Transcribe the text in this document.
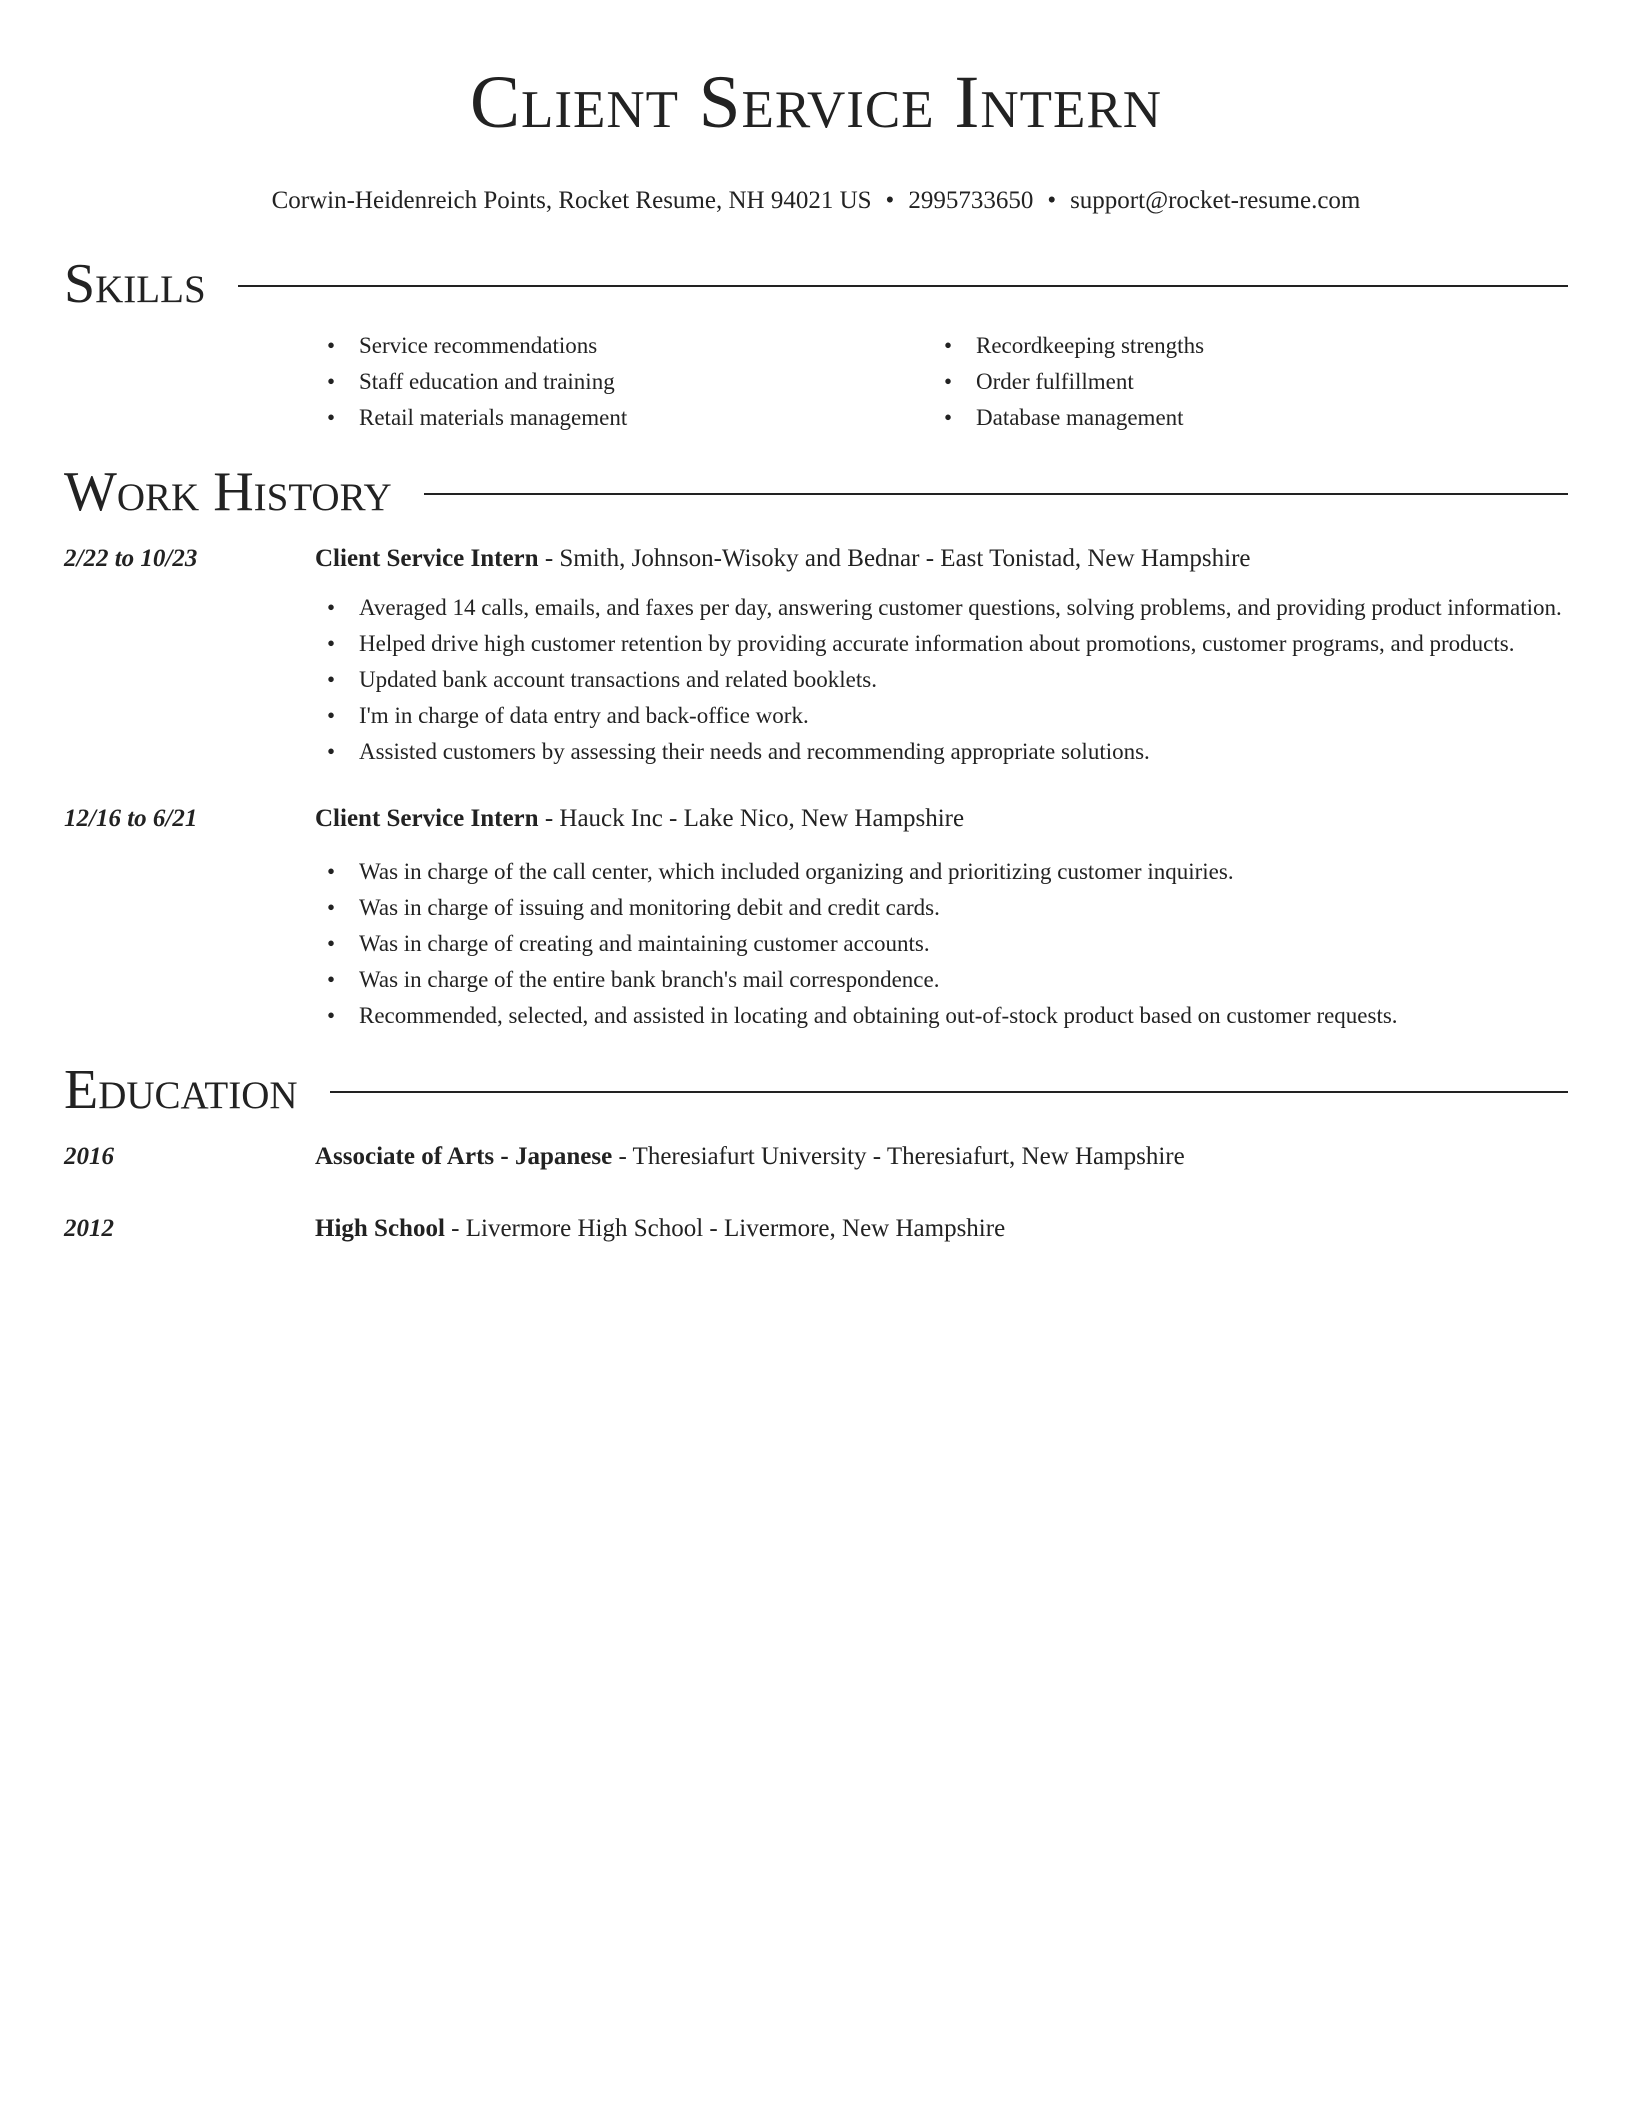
Client Service Intern
Corwin-Heidenreich Points, Rocket Resume, NH 94021 US • 2995733650 • support@rocket-resume.com
Skills
• Service recommendations
• Staff education and training
• Retail materials management
• Recordkeeping strengths
• Order fulfillment
• Database management
Work History
2/22 to 10/23	Client Service Intern - Smith, Johnson-Wisoky and Bednar - East Tonistad, New Hampshire
• Averaged 14 calls, emails, and faxes per day, answering customer questions, solving problems, and providing product information.
• Helped drive high customer retention by providing accurate information about promotions, customer programs, and products.
• Updated bank account transactions and related booklets.
• I'm in charge of data entry and back-office work.
• Assisted customers by assessing their needs and recommending appropriate solutions.
12/16 to 6/21	Client Service Intern - Hauck Inc - Lake Nico, New Hampshire
• Was in charge of the call center, which included organizing and prioritizing customer inquiries.
• Was in charge of issuing and monitoring debit and credit cards.
• Was in charge of creating and maintaining customer accounts.
• Was in charge of the entire bank branch's mail correspondence.
• Recommended, selected, and assisted in locating and obtaining out-of-stock product based on customer requests.
Education
2016	Associate of Arts - Japanese - Theresiafurt University - Theresiafurt, New Hampshire
2012	High School - Livermore High School - Livermore, New Hampshire
